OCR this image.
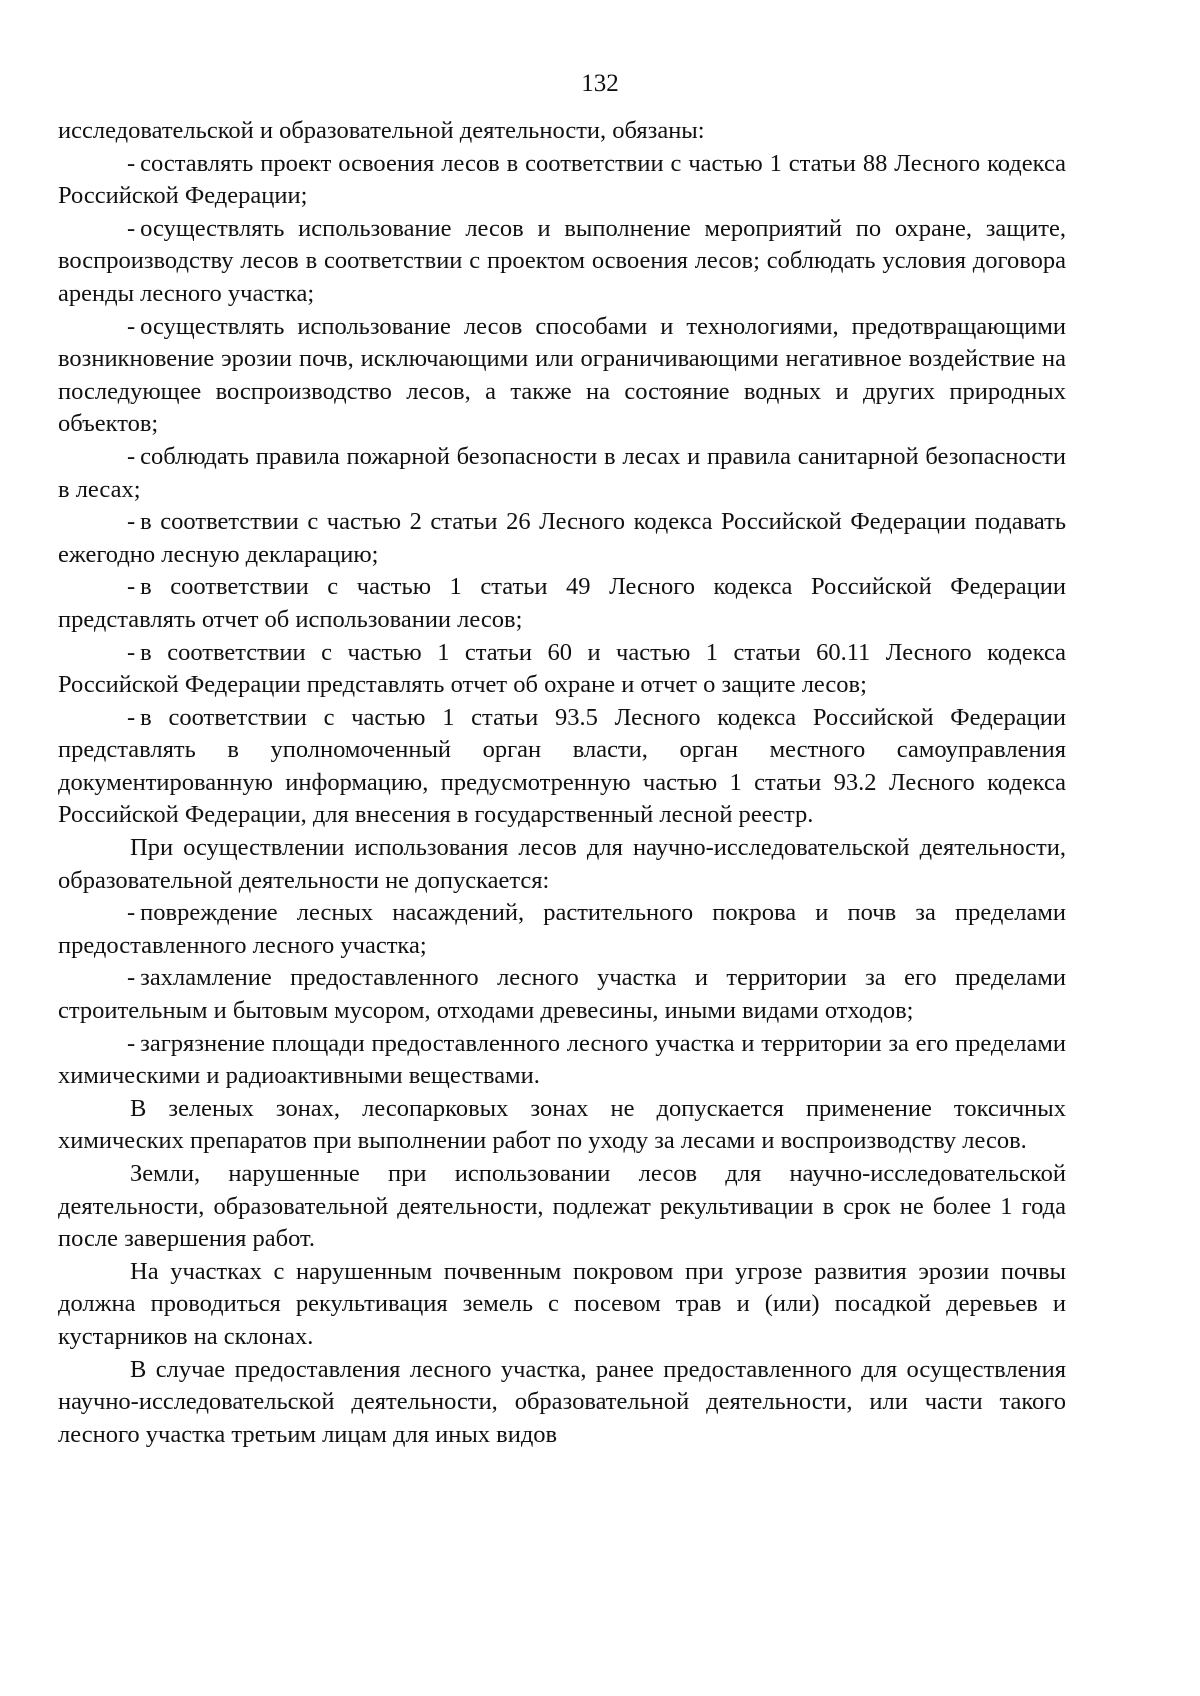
132

исследовательской и образовательной деятельности, обязаны:

- составлять проект освоения лесов в соответствии с частью 1 статьи 88 Лесного кодекса Российской Федерации;

- осуществлять использование лесов и выполнение мероприятий по охране, защите, воспроизводству лесов в соответствии с проектом освоения лесов; соблюдать условия договора аренды лесного участка;

- осуществлять использование лесов способами и технологиями, предотвращающими возникновение эрозии почв, исключающими или ограничивающими негативное воздействие на последующее воспроизводство лесов, а также на состояние водных и других природных объектов;

- соблюдать правила пожарной безопасности в лесах и правила санитарной безопасности в лесах;

- в соответствии с частью 2 статьи 26 Лесного кодекса Российской Федерации подавать ежегодно лесную декларацию;

- в соответствии с частью 1 статьи 49 Лесного кодекса Российской Федерации представлять отчет об использовании лесов;

- в соответствии с частью 1 статьи 60 и частью 1 статьи 60.11 Лесного кодекса Российской Федерации представлять отчет об охране и отчет о защите лесов;

- в соответствии с частью 1 статьи 93.5 Лесного кодекса Российской Федерации представлять в уполномоченный орган власти, орган местного самоуправления документированную информацию, предусмотренную частью 1 статьи 93.2 Лесного кодекса Российской Федерации, для внесения в государственный лесной реестр.

При осуществлении использования лесов для научно-исследовательской деятельности, образовательной деятельности не допускается:

- повреждение лесных насаждений, растительного покрова и почв за пределами предоставленного лесного участка;

- захламление предоставленного лесного участка и территории за его пределами строительным и бытовым мусором, отходами древесины, иными видами отходов;

- загрязнение площади предоставленного лесного участка и территории за его пределами химическими и радиоактивными веществами.

В зеленых зонах, лесопарковых зонах не допускается применение токсичных химических препаратов при выполнении работ по уходу за лесами и воспроизводству лесов.

Земли, нарушенные при использовании лесов для научно-исследовательской деятельности, образовательной деятельности, подлежат рекультивации в срок не более 1 года после завершения работ.

На участках с нарушенным почвенным покровом при угрозе развития эрозии почвы должна проводиться рекультивация земель с посевом трав и (или) посадкой деревьев и кустарников на склонах.

В случае предоставления лесного участка, ранее предоставленного для осуществления научно-исследовательской деятельности, образовательной деятельности, или части такого лесного участка третьим лицам для иных видов
